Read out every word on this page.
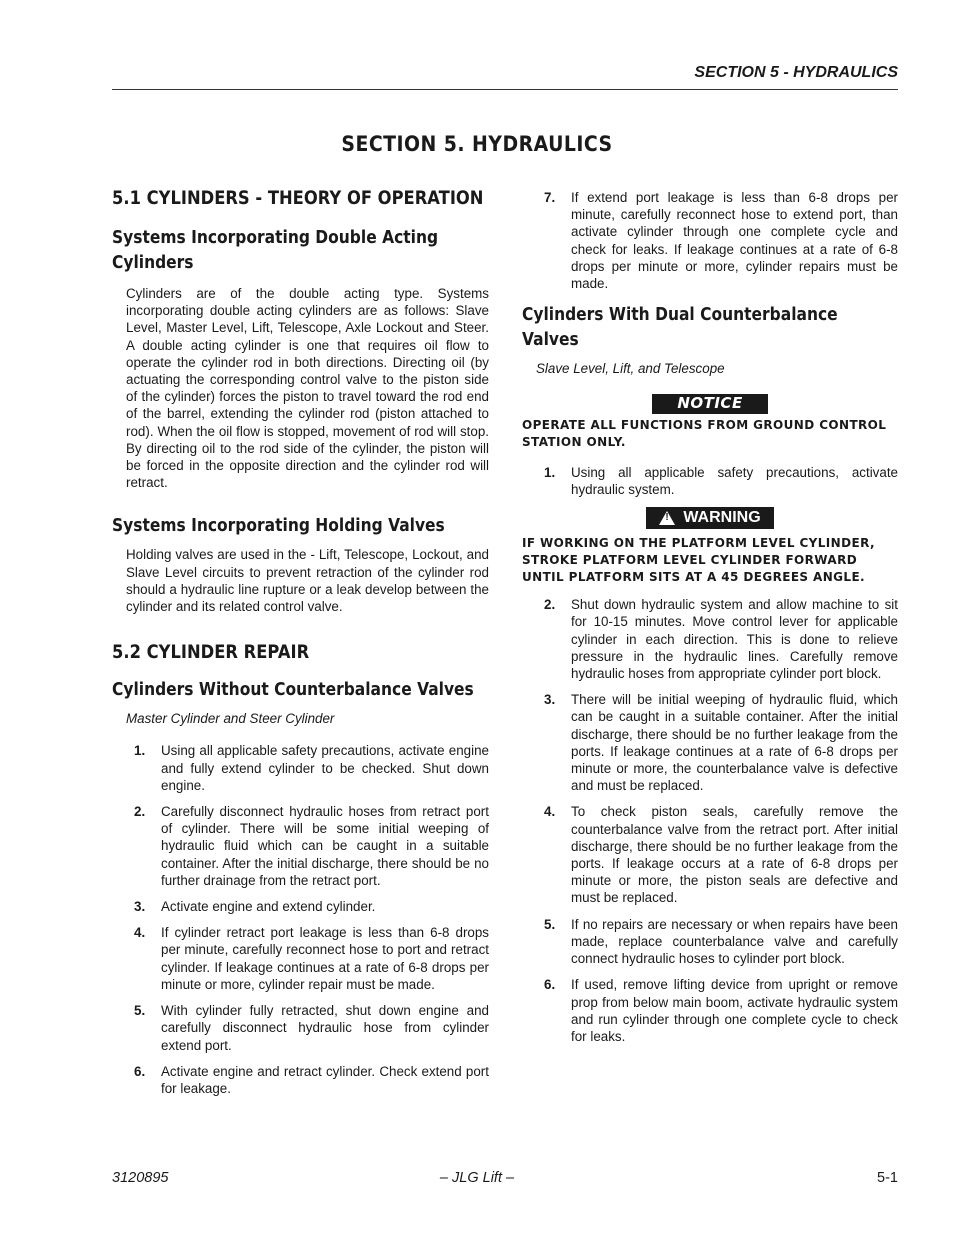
SECTION 5 - HYDRAULICS
SECTION 5. HYDRAULICS
5.1 CYLINDERS - THEORY OF OPERATION
Systems Incorporating Double Acting Cylinders
Cylinders are of the double acting type. Systems incorporating double acting cylinders are as follows: Slave Level, Master Level, Lift, Telescope, Axle Lockout and Steer. A double acting cylinder is one that requires oil flow to operate the cylinder rod in both directions. Directing oil (by actuating the corresponding control valve to the piston side of the cylinder) forces the piston to travel toward the rod end of the barrel, extending the cylinder rod (piston attached to rod). When the oil flow is stopped, movement of rod will stop. By directing oil to the rod side of the cylinder, the piston will be forced in the opposite direction and the cylinder rod will retract.
Systems Incorporating Holding Valves
Holding valves are used in the - Lift, Telescope, Lockout, and Slave Level circuits to prevent retraction of the cylinder rod should a hydraulic line rupture or a leak develop between the cylinder and its related control valve.
5.2 CYLINDER REPAIR
Cylinders Without Counterbalance Valves
Master Cylinder and Steer Cylinder
1. Using all applicable safety precautions, activate engine and fully extend cylinder to be checked. Shut down engine.
2. Carefully disconnect hydraulic hoses from retract port of cylinder. There will be some initial weeping of hydraulic fluid which can be caught in a suitable container. After the initial discharge, there should be no further drainage from the retract port.
3. Activate engine and extend cylinder.
4. If cylinder retract port leakage is less than 6-8 drops per minute, carefully reconnect hose to port and retract cylinder. If leakage continues at a rate of 6-8 drops per minute or more, cylinder repair must be made.
5. With cylinder fully retracted, shut down engine and carefully disconnect hydraulic hose from cylinder extend port.
6. Activate engine and retract cylinder. Check extend port for leakage.
7. If extend port leakage is less than 6-8 drops per minute, carefully reconnect hose to extend port, than activate cylinder through one complete cycle and check for leaks. If leakage continues at a rate of 6-8 drops per minute or more, cylinder repairs must be made.
Cylinders With Dual Counterbalance Valves
Slave Level, Lift, and Telescope
NOTICE
OPERATE ALL FUNCTIONS FROM GROUND CONTROL STATION ONLY.
1. Using all applicable safety precautions, activate hydraulic system.
!
WARNING
IF WORKING ON THE PLATFORM LEVEL CYLINDER, STROKE PLATFORM LEVEL CYLINDER FORWARD UNTIL PLATFORM SITS AT A 45 DEGREES ANGLE.
2. Shut down hydraulic system and allow machine to sit for 10-15 minutes. Move control lever for applicable cylinder in each direction. This is done to relieve pressure in the hydraulic lines. Carefully remove hydraulic hoses from appropriate cylinder port block.
3. There will be initial weeping of hydraulic fluid, which can be caught in a suitable container. After the initial discharge, there should be no further leakage from the ports. If leakage continues at a rate of 6-8 drops per minute or more, the counterbalance valve is defective and must be replaced.
4. To check piston seals, carefully remove the counterbalance valve from the retract port. After initial discharge, there should be no further leakage from the ports. If leakage occurs at a rate of 6-8 drops per minute or more, the piston seals are defective and must be replaced.
5. If no repairs are necessary or when repairs have been made, replace counterbalance valve and carefully connect hydraulic hoses to cylinder port block.
6. If used, remove lifting device from upright or remove prop from below main boom, activate hydraulic system and run cylinder through one complete cycle to check for leaks.
3120895	– JLG Lift –	5-1
